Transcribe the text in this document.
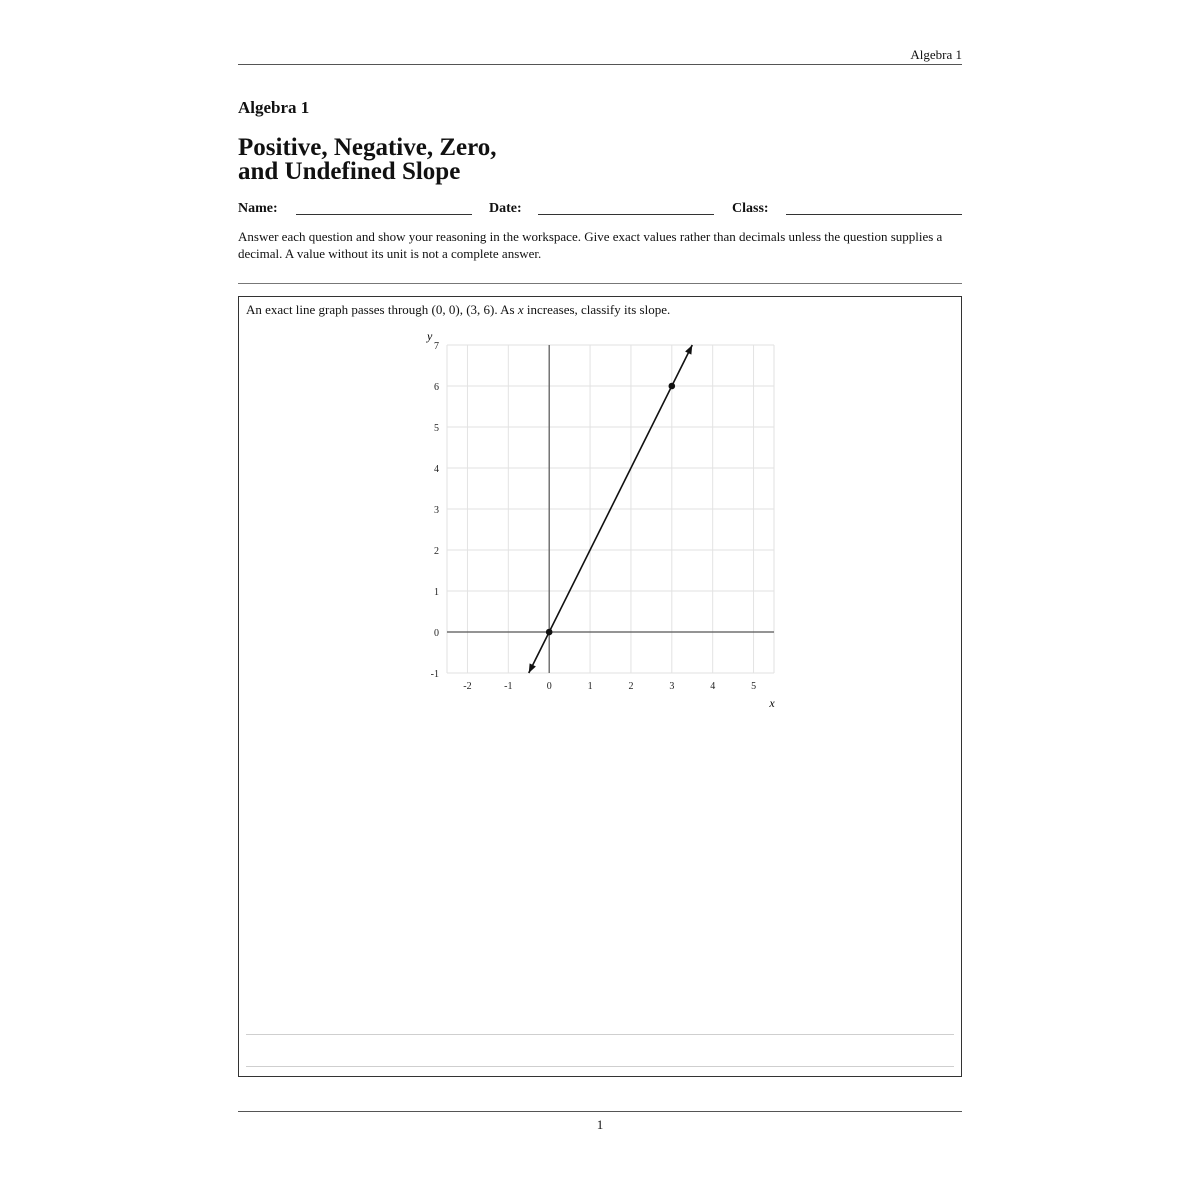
Algebra 1
Algebra 1
Positive, Negative, Zero,
and Undefined Slope
Name:	Date:	Class:
Answer each question and show your reasoning in the workspace. Give exact values rather than decimals unless the question supplies a decimal. A value without its unit is not a complete answer.
An exact line graph passes through (0, 0), (3, 6). As x increases, classify its slope.
-2	-1	0	1	2	3	4	5
-1
0
1
2
3
4
5
6
7
x
y
1
